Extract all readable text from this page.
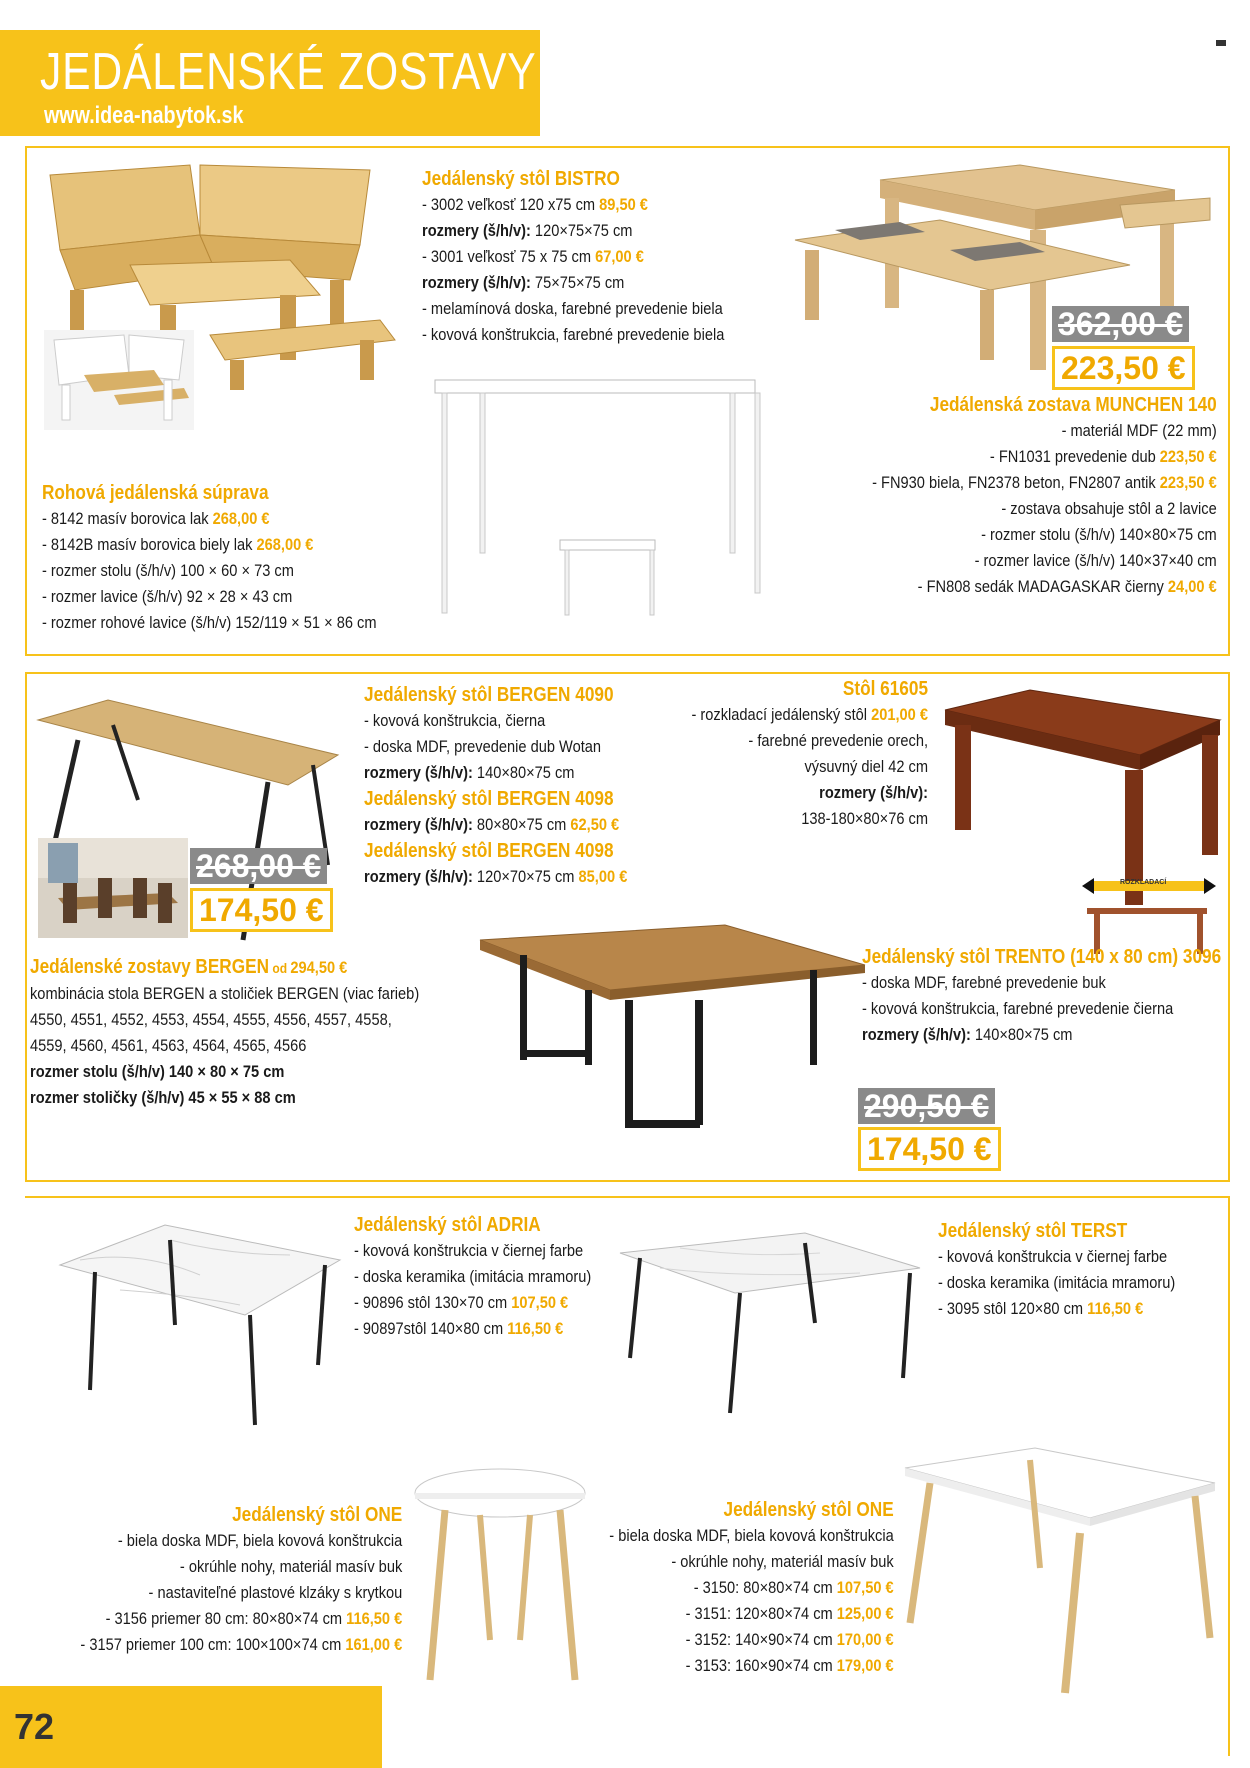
JEDÁLENSKÉ ZOSTAVY
www.idea-nabytok.sk
362,00 €
223,50 €
Jedálenský stôl BISTRO
- 3002 veľkosť 120 x75 cm 89,50 €
rozmery (š/h/v): 120×75×75 cm
- 3001 veľkosť 75 x 75 cm 67,00 €
rozmery (š/h/v): 75×75×75 cm
- melamínová doska, farebné prevedenie biela
- kovová konštrukcia, farebné prevedenie biela
Rohová jedálenská súprava
- 8142 masív borovica lak 268,00 €
- 8142B masív borovica biely lak 268,00 €
- rozmer stolu (š/h/v) 100 × 60 × 73 cm
- rozmer lavice (š/h/v) 92 × 28 × 43 cm
- rozmer rohové lavice (š/h/v) 152/119 × 51 × 86 cm
Jedálenská zostava MUNCHEN 140
- materiál MDF (22 mm)
- FN1031 prevedenie dub 223,50 €
- FN930 biela, FN2378 beton, FN2807 antik 223,50 €
- zostava obsahuje stôl a 2 lavice
- rozmer stolu (š/h/v) 140×80×75 cm
- rozmer lavice (š/h/v) 140×37×40 cm
- FN808 sedák MADAGASKAR čierny 24,00 €
268,00 €
174,50 €
Jedálenský stôl BERGEN 4090
- kovová konštrukcia, čierna
- doska MDF, prevedenie dub Wotan
rozmery (š/h/v): 140×80×75 cm
Jedálenský stôl BERGEN 4098
rozmery (š/h/v): 80×80×75 cm 62,50 €
Jedálenský stôl BERGEN 4098
rozmery (š/h/v): 120×70×75 cm 85,00 €
Jedálenské zostavy BERGEN od 294,50 €
kombinácia stola BERGEN a stoličiek BERGEN (viac farieb)
4550, 4551, 4552, 4553, 4554, 4555, 4556, 4557, 4558,
4559, 4560, 4561, 4563, 4564, 4565, 4566
rozmer stolu (š/h/v) 140 × 80 × 75 cm
rozmer stoličky (š/h/v) 45 × 55 × 88 cm
ROZKLADACÍ
Stôl 61605
- rozkladací jedálenský stôl 201,00 €
- farebné prevedenie orech,
výsuvný diel 42 cm
rozmery (š/h/v):
138-180×80×76 cm
Jedálenský stôl TRENTO (140 x 80 cm) 3096
- doska MDF, farebné prevedenie buk
- kovová konštrukcia, farebné prevedenie čierna
rozmery (š/h/v): 140×80×75 cm
290,50 €
174,50 €
Jedálenský stôl ADRIA
- kovová konštrukcia v čiernej farbe
- doska keramika (imitácia mramoru)
- 90896 stôl 130×70 cm 107,50 €
- 90897stôl 140×80 cm 116,50 €
Jedálenský stôl TERST
- kovová konštrukcia v čiernej farbe
- doska keramika (imitácia mramoru)
- 3095 stôl 120×80 cm 116,50 €
Jedálenský stôl ONE
- biela doska MDF, biela kovová konštrukcia
- okrúhle nohy, materiál masív buk
- nastaviteľné plastové klzáky s krytkou
- 3156 priemer 80 cm: 80×80×74 cm 116,50 €
- 3157 priemer 100 cm: 100×100×74 cm 161,00 €
Jedálenský stôl ONE
- biela doska MDF, biela kovová konštrukcia
- okrúhle nohy, materiál masív buk
- 3150: 80×80×74 cm 107,50 €
- 3151: 120×80×74 cm 125,00 €
- 3152: 140×90×74 cm 170,00 €
- 3153: 160×90×74 cm 179,00 €
72
